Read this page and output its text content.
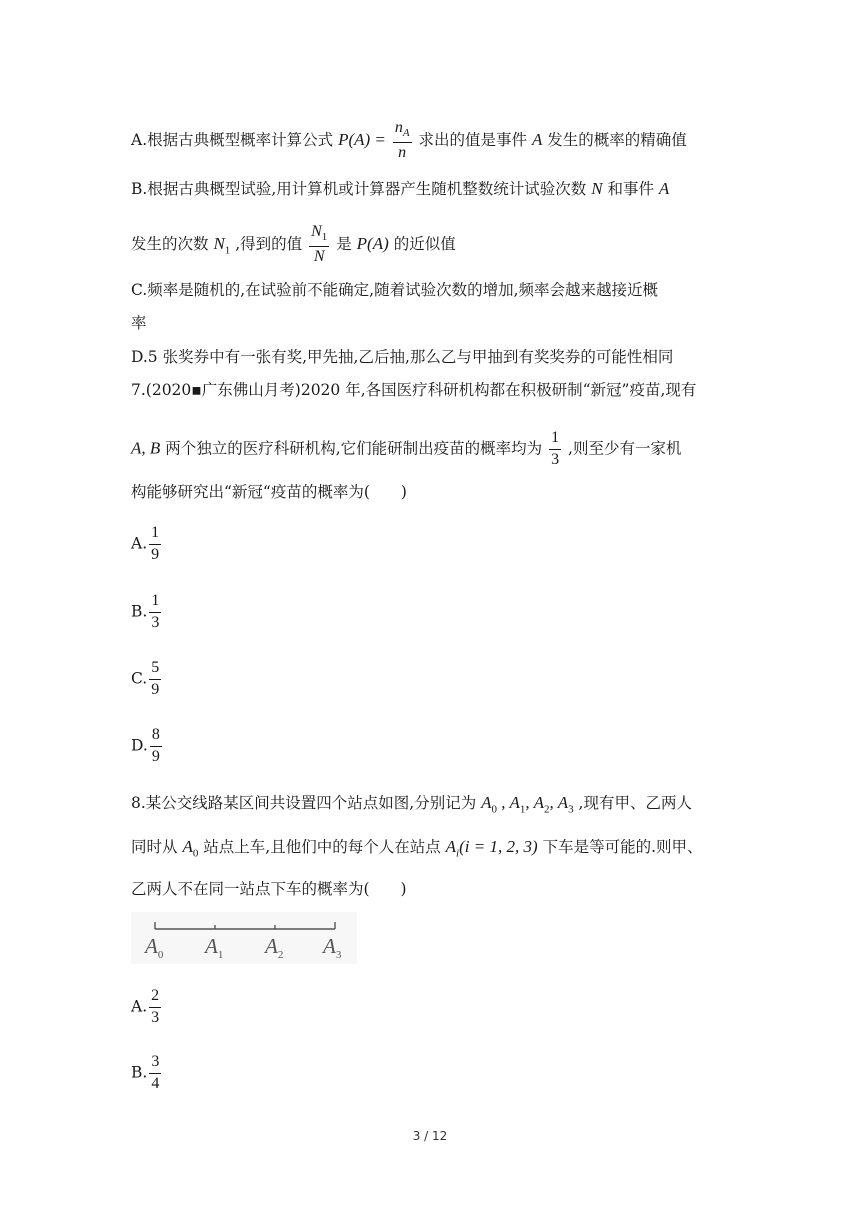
A.根据古典概型概率计算公式 $P(A) = \frac{n_A}{n}$ 求出的值是事件 A 发生的概率的精确值
B.根据古典概型试验,用计算机或计算器产生随机整数统计试验次数 N 和事件 A
发生的次数 $N_1$ ,得到的值 $\frac{N_1}{N}$ 是 P(A) 的近似值
C.频率是随机的,在试验前不能确定,随着试验次数的增加,频率会越来越接近概
率
D.5 张奖券中有一张有奖,甲先抽,乙后抽,那么乙与甲抽到有奖奖券的可能性相同
7.(2020▪广东佛山月考)2020 年,各国医疗科研机构都在积极研制“新冠”疫苗,现有
A, B 两个独立的医疗科研机构,它们能研制出疫苗的概率均为 $\frac{1}{3}$ ,则至少有一家机
构能够研究出“新冠“疫苗的概率为(　　)
A. $\frac{1}{9}$
B. $\frac{1}{3}$
C. $\frac{5}{9}$
D. $\frac{8}{9}$
8.某公交线路某区间共设置四个站点如图,分别记为 $A_0$ , $A_1$, $A_2$, $A_3$ ,现有甲、乙两人
同时从 $A_0$ 站点上车,且他们中的每个人在站点 $A_i(i = 1$, 2, 3) 下车是等可能的.则甲、
乙两人不在同一站点下车的概率为(　　)
$A_0$ $A_1$ $A_2$ $A_3$
A. $\frac{2}{3}$
B. $\frac{3}{4}$
3 / 12
